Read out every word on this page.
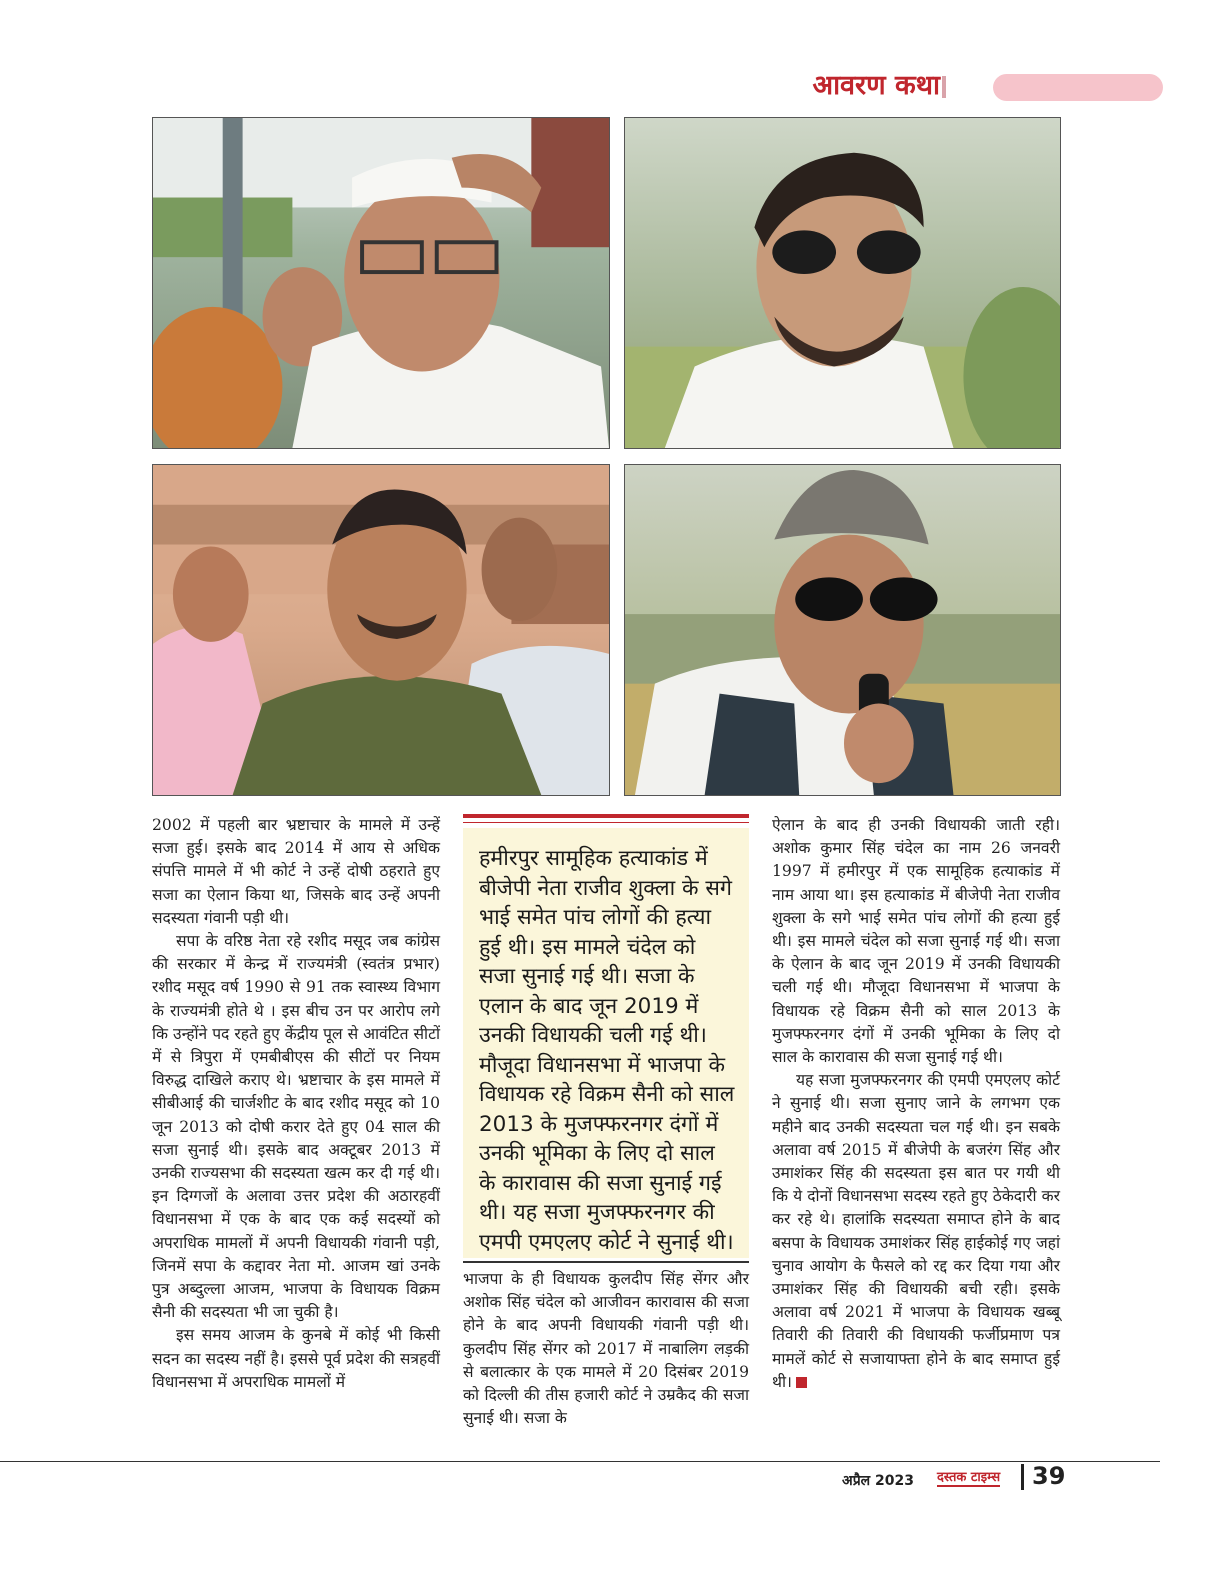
आवरण कथा

2002 में पहली बार भ्रष्टाचार के मामले में उन्हें सजा हुई। इसके बाद 2014 में आय से अधिक संपत्ति मामले में भी कोर्ट ने उन्हें दोषी ठहराते हुए सजा का ऐलान किया था, जिसके बाद उन्हें अपनी सदस्यता गंवानी पड़ी थी।

सपा के वरिष्ठ नेता रहे रशीद मसूद जब कांग्रेस की सरकार में केन्द्र में राज्यमंत्री (स्वतंत्र प्रभार) रशीद मसूद वर्ष 1990 से 91 तक स्वास्थ्य विभाग के राज्यमंत्री होते थे । इस बीच उन पर आरोप लगे कि उन्होंने पद रहते हुए केंद्रीय पूल से आवंटित सीटों में से त्रिपुरा में एमबीबीएस की सीटों पर नियम विरुद्ध दाखिले कराए थे। भ्रष्टाचार के इस मामले में सीबीआई की चार्जशीट के बाद रशीद मसूद को 10 जून 2013 को दोषी करार देते हुए 04 साल की सजा सुनाई थी। इसके बाद अक्टूबर 2013 में उनकी राज्यसभा की सदस्यता खत्म कर दी गई थी। इन दिग्गजों के अलावा उत्तर प्रदेश की अठारहवीं विधानसभा में एक के बाद एक कई सदस्यों को अपराधिक मामलों में अपनी विधायकी गंवानी पड़ी, जिनमें सपा के कद्दावर नेता मो. आजम खां उनके पुत्र अब्दुल्ला आजम, भाजपा के विधायक विक्रम सैनी की सदस्यता भी जा चुकी है।

इस समय आजम के कुनबे में कोई भी किसी सदन का सदस्य नहीं है। इससे पूर्व प्रदेश की सत्रहवीं विधानसभा में अपराधिक मामलों में

हमीरपुर सामूहिक हत्याकांड में बीजेपी नेता राजीव शुक्ला के सगे भाई समेत पांच लोगों की हत्या हुई थी। इस मामले चंदेल को सजा सुनाई गई थी। सजा के एलान के बाद जून 2019 में उनकी विधायकी चली गई थी। मौजूदा विधानसभा में भाजपा के विधायक रहे विक्रम सैनी को साल 2013 के मुजफ्फरनगर दंगों में उनकी भूमिका के लिए दो साल के कारावास की सजा सुनाई गई थी। यह सजा मुजफ्फरनगर की एमपी एमएलए कोर्ट ने सुनाई थी।

भाजपा के ही विधायक कुलदीप सिंह सेंगर और अशोक सिंह चंदेल को आजीवन कारावास की सजा होने के बाद अपनी विधायकी गंवानी पड़ी थी। कुलदीप सिंह सेंगर को 2017 में नाबालिग लड़की से बलात्कार के एक मामले में 20 दिसंबर 2019 को दिल्ली की तीस हजारी कोर्ट ने उम्रकैद की सजा सुनाई थी। सजा के

ऐलान के बाद ही उनकी विधायकी जाती रही। अशोक कुमार सिंह चंदेल का नाम 26 जनवरी 1997 में हमीरपुर में एक सामूहिक हत्याकांड में नाम आया था। इस हत्याकांड में बीजेपी नेता राजीव शुक्ला के सगे भाई समेत पांच लोगों की हत्या हुई थी। इस मामले चंदेल को सजा सुनाई गई थी। सजा के ऐलान के बाद जून 2019 में उनकी विधायकी चली गई थी। मौजूदा विधानसभा में भाजपा के विधायक रहे विक्रम सैनी को साल 2013 के मुजफ्फरनगर दंगों में उनकी भूमिका के लिए दो साल के कारावास की सजा सुनाई गई थी।

यह सजा मुजफ्फरनगर की एमपी एमएलए कोर्ट ने सुनाई थी। सजा सुनाए जाने के लगभग एक महीने बाद उनकी सदस्यता चल गई थी। इन सबके अलावा वर्ष 2015 में बीजेपी के बजरंग सिंह और उमाशंकर सिंह की सदस्यता इस बात पर गयी थी कि ये दोनों विधानसभा सदस्य रहते हुए ठेकेदारी कर कर रहे थे। हालांकि सदस्यता समाप्त होने के बाद बसपा के विधायक उमाशंकर सिंह हाईकोई गए जहां चुनाव आयोग के फैसले को रद्द कर दिया गया और उमाशंकर सिंह की विधायकी बची रही। इसके अलावा वर्ष 2021 में भाजपा के विधायक खब्बू तिवारी की तिवारी की विधायकी फर्जीप्रमाण पत्र मामलें कोर्ट से सजायाफ्ता होने के बाद समाप्त हुई थी।

अप्रैल 2023 दस्तक टाइम्स 39
